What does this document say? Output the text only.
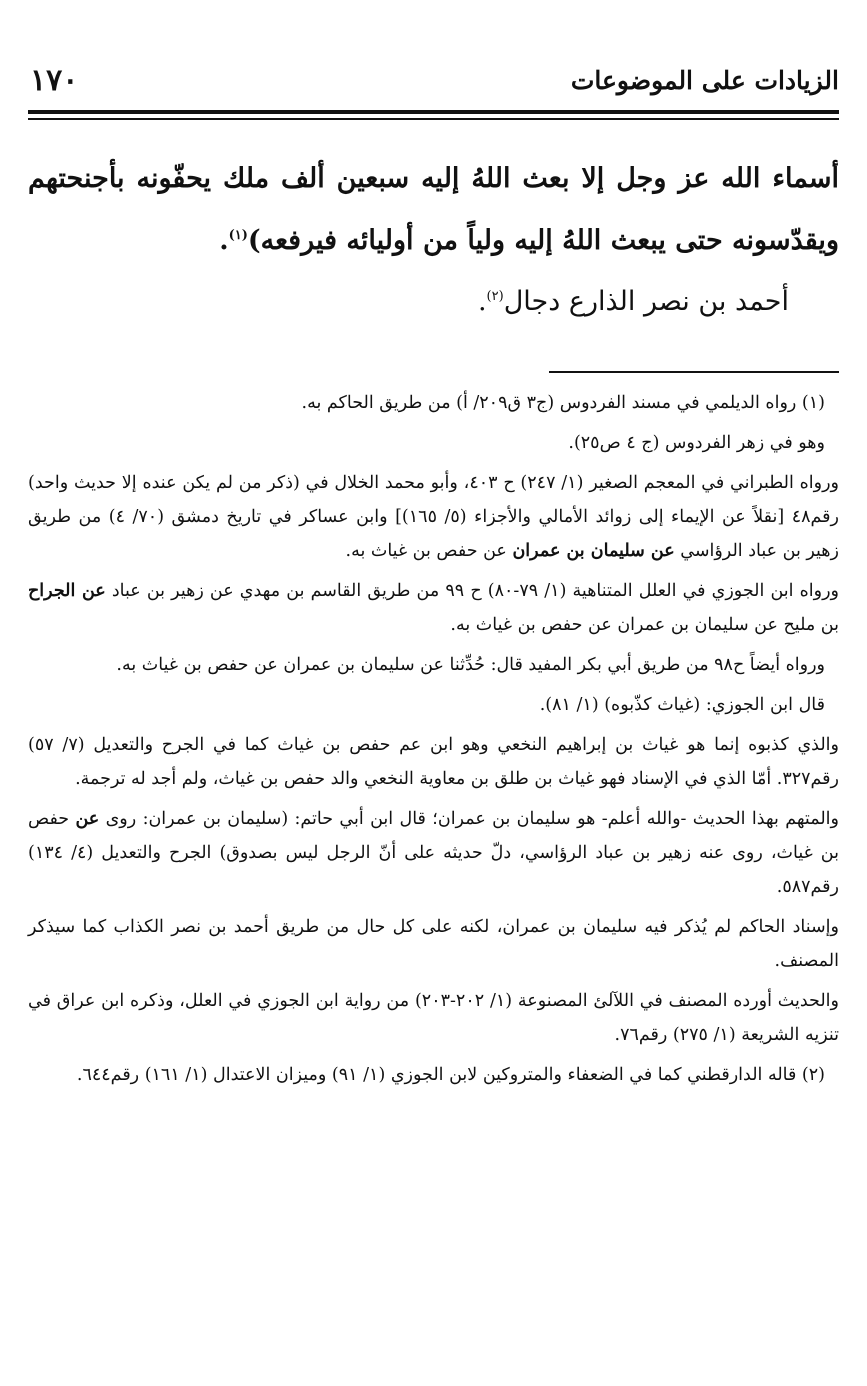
الزيادات على الموضوعات
١٧٠
أسماء الله عز وجل إلا بعث اللهُ إليه سبعين ألف ملك يحفّونه بأجنحتهم ويقدّسونه حتى يبعث اللهُ إليه ولياً من أوليائه فيرفعه)$^{(١)}$.
أحمد بن نصر الذارع دجال$^{(٢)}$.

(١) رواه الديلمي في مسند الفردوس (ج٣ ق٢٠٩/ أ) من طريق الحاكم به.

وهو في زهر الفردوس (ج ٤ ص٢٥).

ورواه الطبراني في المعجم الصغير (١/ ٢٤٧) ح ٤٠٣، وأبو محمد الخلال في (ذكر من لم يكن عنده إلا حديث واحد) رقم٤٨ [نقلاً عن الإيماء إلى زوائد الأمالي والأجزاء (٥/ ١٦٥)] وابن عساكر في تاريخ دمشق (٧٠/ ٤) من طريق زهير بن عباد الرؤاسي عن سليمان بن عمران عن حفص بن غياث به.

ورواه ابن الجوزي في العلل المتناهية (١/ ٧٩-٨٠) ح ٩٩ من طريق القاسم بن مهدي عن زهير بن عباد عن الجراح بن مليح عن سليمان بن عمران عن حفص بن غياث به.

ورواه أيضاً ح٩٨ من طريق أبي بكر المفيد قال: حُدِّثنا عن سليمان بن عمران عن حفص بن غياث به.

قال ابن الجوزي: (غياث كذّبوه) (١/ ٨١).

والذي كذبوه إنما هو غياث بن إبراهيم النخعي وهو ابن عم حفص بن غياث كما في الجرح والتعديل (٧/ ٥٧) رقم٣٢٧. أمّا الذي في الإسناد فهو غياث بن طلق بن معاوية النخعي والد حفص بن غياث، ولم أجد له ترجمة.

والمتهم بهذا الحديث -والله أعلم- هو سليمان بن عمران؛ قال ابن أبي حاتم: (سليمان بن عمران: روى عن حفص بن غياث، روى عنه زهير بن عباد الرؤاسي، دلّ حديثه على أنّ الرجل ليس بصدوق) الجرح والتعديل (٤/ ١٣٤) رقم٥٨٧.

وإسناد الحاكم لم يُذكر فيه سليمان بن عمران، لكنه على كل حال من طريق أحمد بن نصر الكذاب كما سيذكر المصنف.

والحديث أورده المصنف في اللآلئ المصنوعة (١/ ٢٠٢-٢٠٣) من رواية ابن الجوزي في العلل، وذكره ابن عراق في تنزيه الشريعة (١/ ٢٧٥) رقم٧٦.

(٢) قاله الدارقطني كما في الضعفاء والمتروكين لابن الجوزي (١/ ٩١) وميزان الاعتدال (١/ ١٦١) رقم٦٤٤.
